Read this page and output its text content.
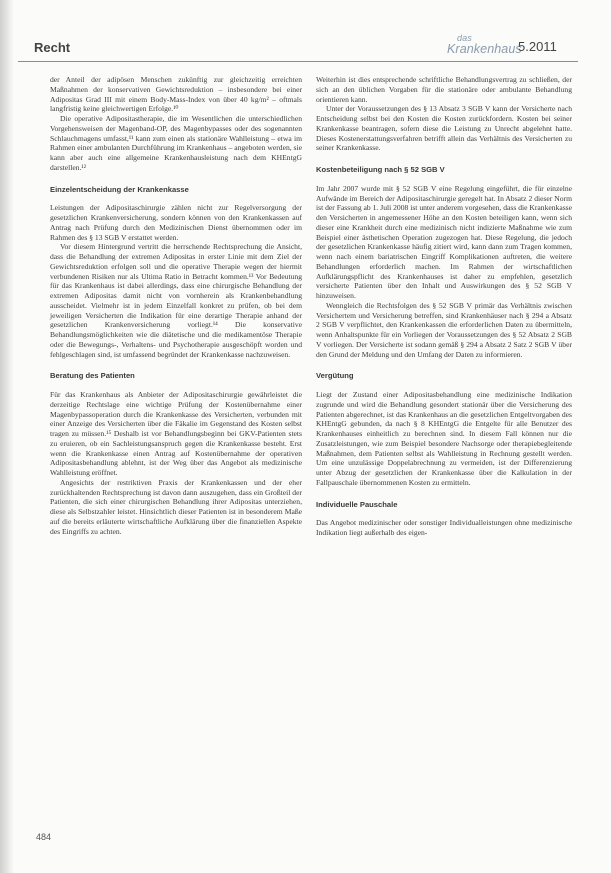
Recht
das
Krankenhaus
5.2011

der Anteil der adipösen Menschen zukünftig zur gleichzeitig erreichten Maßnahmen der konservativen Gewichtsreduktion – insbesondere bei einer Adipositas Grad III mit einem Body-Mass-Index von über 40 kg/m² – oftmals langfristig keine gleichwertigen Erfolge.¹⁰

Die operative Adipositastherapie, die im Wesentlichen die unterschiedlichen Vorgehensweisen der Magenband-OP, des Magenbypasses oder des sogenannten Schlauchmagens umfasst,¹¹ kann zum einen als stationäre Wahlleistung – etwa im Rahmen einer ambulanten Durchführung im Krankenhaus – angeboten werden, sie kann aber auch eine allgemeine Krankenhausleistung nach dem KHEntgG darstellen.¹²

Einzelentscheidung der Krankenkasse

Leistungen der Adipositaschirurgie zählen nicht zur Regelversorgung der gesetzlichen Krankenversicherung, sondern können von den Krankenkassen auf Antrag nach Prüfung durch den Medizinischen Dienst übernommen oder im Rahmen des § 13 SGB V erstattet werden.

Vor diesem Hintergrund vertritt die herrschende Rechtsprechung die Ansicht, dass die Behandlung der extremen Adipositas in erster Linie mit dem Ziel der Gewichtsreduktion erfolgen soll und die operative Therapie wegen der hiermit verbundenen Risiken nur als Ultima Ratio in Betracht kommen.¹³ Vor Bedeutung für das Krankenhaus ist dabei allerdings, dass eine chirurgische Behandlung der extremen Adipositas damit nicht von vornherein als Krankenbehandlung ausscheidet. Vielmehr ist in jedem Einzelfall konkret zu prüfen, ob bei dem jeweiligen Versicherten die Indikation für eine derartige Therapie anhand der gesetzlichen Krankenversicherung vorliegt.¹⁴ Die konservative Behandlungsmöglichkeiten wie die diätetische und die medikamentöse Therapie oder die Bewegungs-, Verhaltens- und Psychotherapie ausgeschöpft worden und fehlgeschlagen sind, ist umfassend begründet der Krankenkasse nachzuweisen.

Beratung des Patienten

Für das Krankenhaus als Anbieter der Adipositaschirurgie gewährleistet die derzeitige Rechtslage eine wichtige Prüfung der Kostenübernahme einer Magenbypassoperation durch die Krankenkasse des Versicherten, verbunden mit einer Anzeige des Versicherten über die Fäkalie im Gegenstand des Kosten selbst tragen zu müssen.¹⁵ Deshalb ist vor Behandlungsbeginn bei GKV-Patienten stets zu eruieren, ob ein Sachleistungsanspruch gegen die Krankenkasse besteht. Erst wenn die Krankenkasse einen Antrag auf Kostenübernahme der operativen Adipositasbehandlung ablehnt, ist der Weg über das Angebot als medizinische Wahlleistung eröffnet.

Angesichts der restriktiven Praxis der Krankenkassen und der eher zurückhaltenden Rechtsprechung ist davon dann auszugehen, dass ein Großteil der Patienten, die sich einer chirurgischen Behandlung ihrer Adipositas unterziehen, diese als Selbstzahler leistet. Hinsichtlich dieser Patienten ist in besonderem Maße auf die bereits erläuterte wirtschaftliche Aufklärung über die finanziellen Aspekte des Eingriffs zu achten.

Weiterhin ist dies entsprechende schriftliche Behandlungsvertrag zu schließen, der sich an den üblichen Vorgaben für die stationäre oder ambulante Behandlung orientieren kann.

Unter der Voraussetzungen des § 13 Absatz 3 SGB V kann der Versicherte nach Entscheidung selbst bei den Kosten die Kosten zurückfordern. Kosten bei seiner Krankenkasse beantragen, sofern diese die Leistung zu Unrecht abgelehnt hatte. Dieses Kostenerstattungsverfahren betrifft allein das Verhältnis des Versicherten zu seiner Krankenkasse.

Kostenbeteiligung nach § 52 SGB V

Im Jahr 2007 wurde mit § 52 SGB V eine Regelung eingeführt, die für einzelne Aufwände im Bereich der Adipositaschirurgie geregelt hat. In Absatz 2 dieser Norm ist der Fassung ab 1. Juli 2008 ist unter anderem vorgesehen, dass die Krankenkasse den Versicherten in angemessener Höhe an den Kosten beteiligen kann, wenn sich dieser eine Krankheit durch eine medizinisch nicht indizierte Maßnahme wie zum Beispiel einer ästhetischen Operation zugezogen hat. Diese Regelung, die jedoch der gesetzlichen Krankenkasse häufig zitiert wird, kann dann zum Tragen kommen, wenn nach einem bariatrischen Eingriff Komplikationen auftreten, die weitere Behandlungen erforderlich machen. Im Rahmen der wirtschaftlichen Aufklärungspflicht des Krankenhauses ist daher zu empfehlen, gesetzlich versicherte Patienten über den Inhalt und Auswirkungen des § 52 SGB V hinzuweisen.

Wenngleich die Rechtsfolgen des § 52 SGB V primär das Verhältnis zwischen Versichertem und Versicherung betreffen, sind Krankenhäuser nach § 294 a Absatz 2 SGB V verpflichtet, den Krankenkassen die erforderlichen Daten zu übermitteln, wenn Anhaltspunkte für ein Vorliegen der Voraussetzungen des § 52 Absatz 2 SGB V vorliegen. Der Versicherte ist sodann gemäß § 294 a Absatz 2 Satz 2 SGB V über den Grund der Meldung und den Umfang der Daten zu informieren.

Vergütung

Liegt der Zustand einer Adipositasbehandlung eine medizinische Indikation zugrunde und wird die Behandlung gesondert stationär über die Versicherung des Patienten abgerechnet, ist das Krankenhaus an die gesetzlichen Entgeltvorgaben des KHEntgG gebunden, da nach § 8 KHEntgG die Entgelte für alle Benutzer des Krankenhauses einheitlich zu berechnen sind. In diesem Fall können nur die Zusatzleistungen, wie zum Beispiel besondere Nachsorge oder therapiebegleitende Maßnahmen, dem Patienten selbst als Wahlleistung in Rechnung gestellt werden. Um eine unzulässige Doppelabrechnung zu vermeiden, ist der Differenzierung unter Abzug der gesetzlichen der Krankenkasse über die Kalkulation in der Fallpauschale übernommenen Kosten zu ermitteln.

Individuelle Pauschale

Das Angebot medizinischer oder sonstiger Individualleistungen ohne medizinische Indikation liegt außerhalb des eigen-

484
